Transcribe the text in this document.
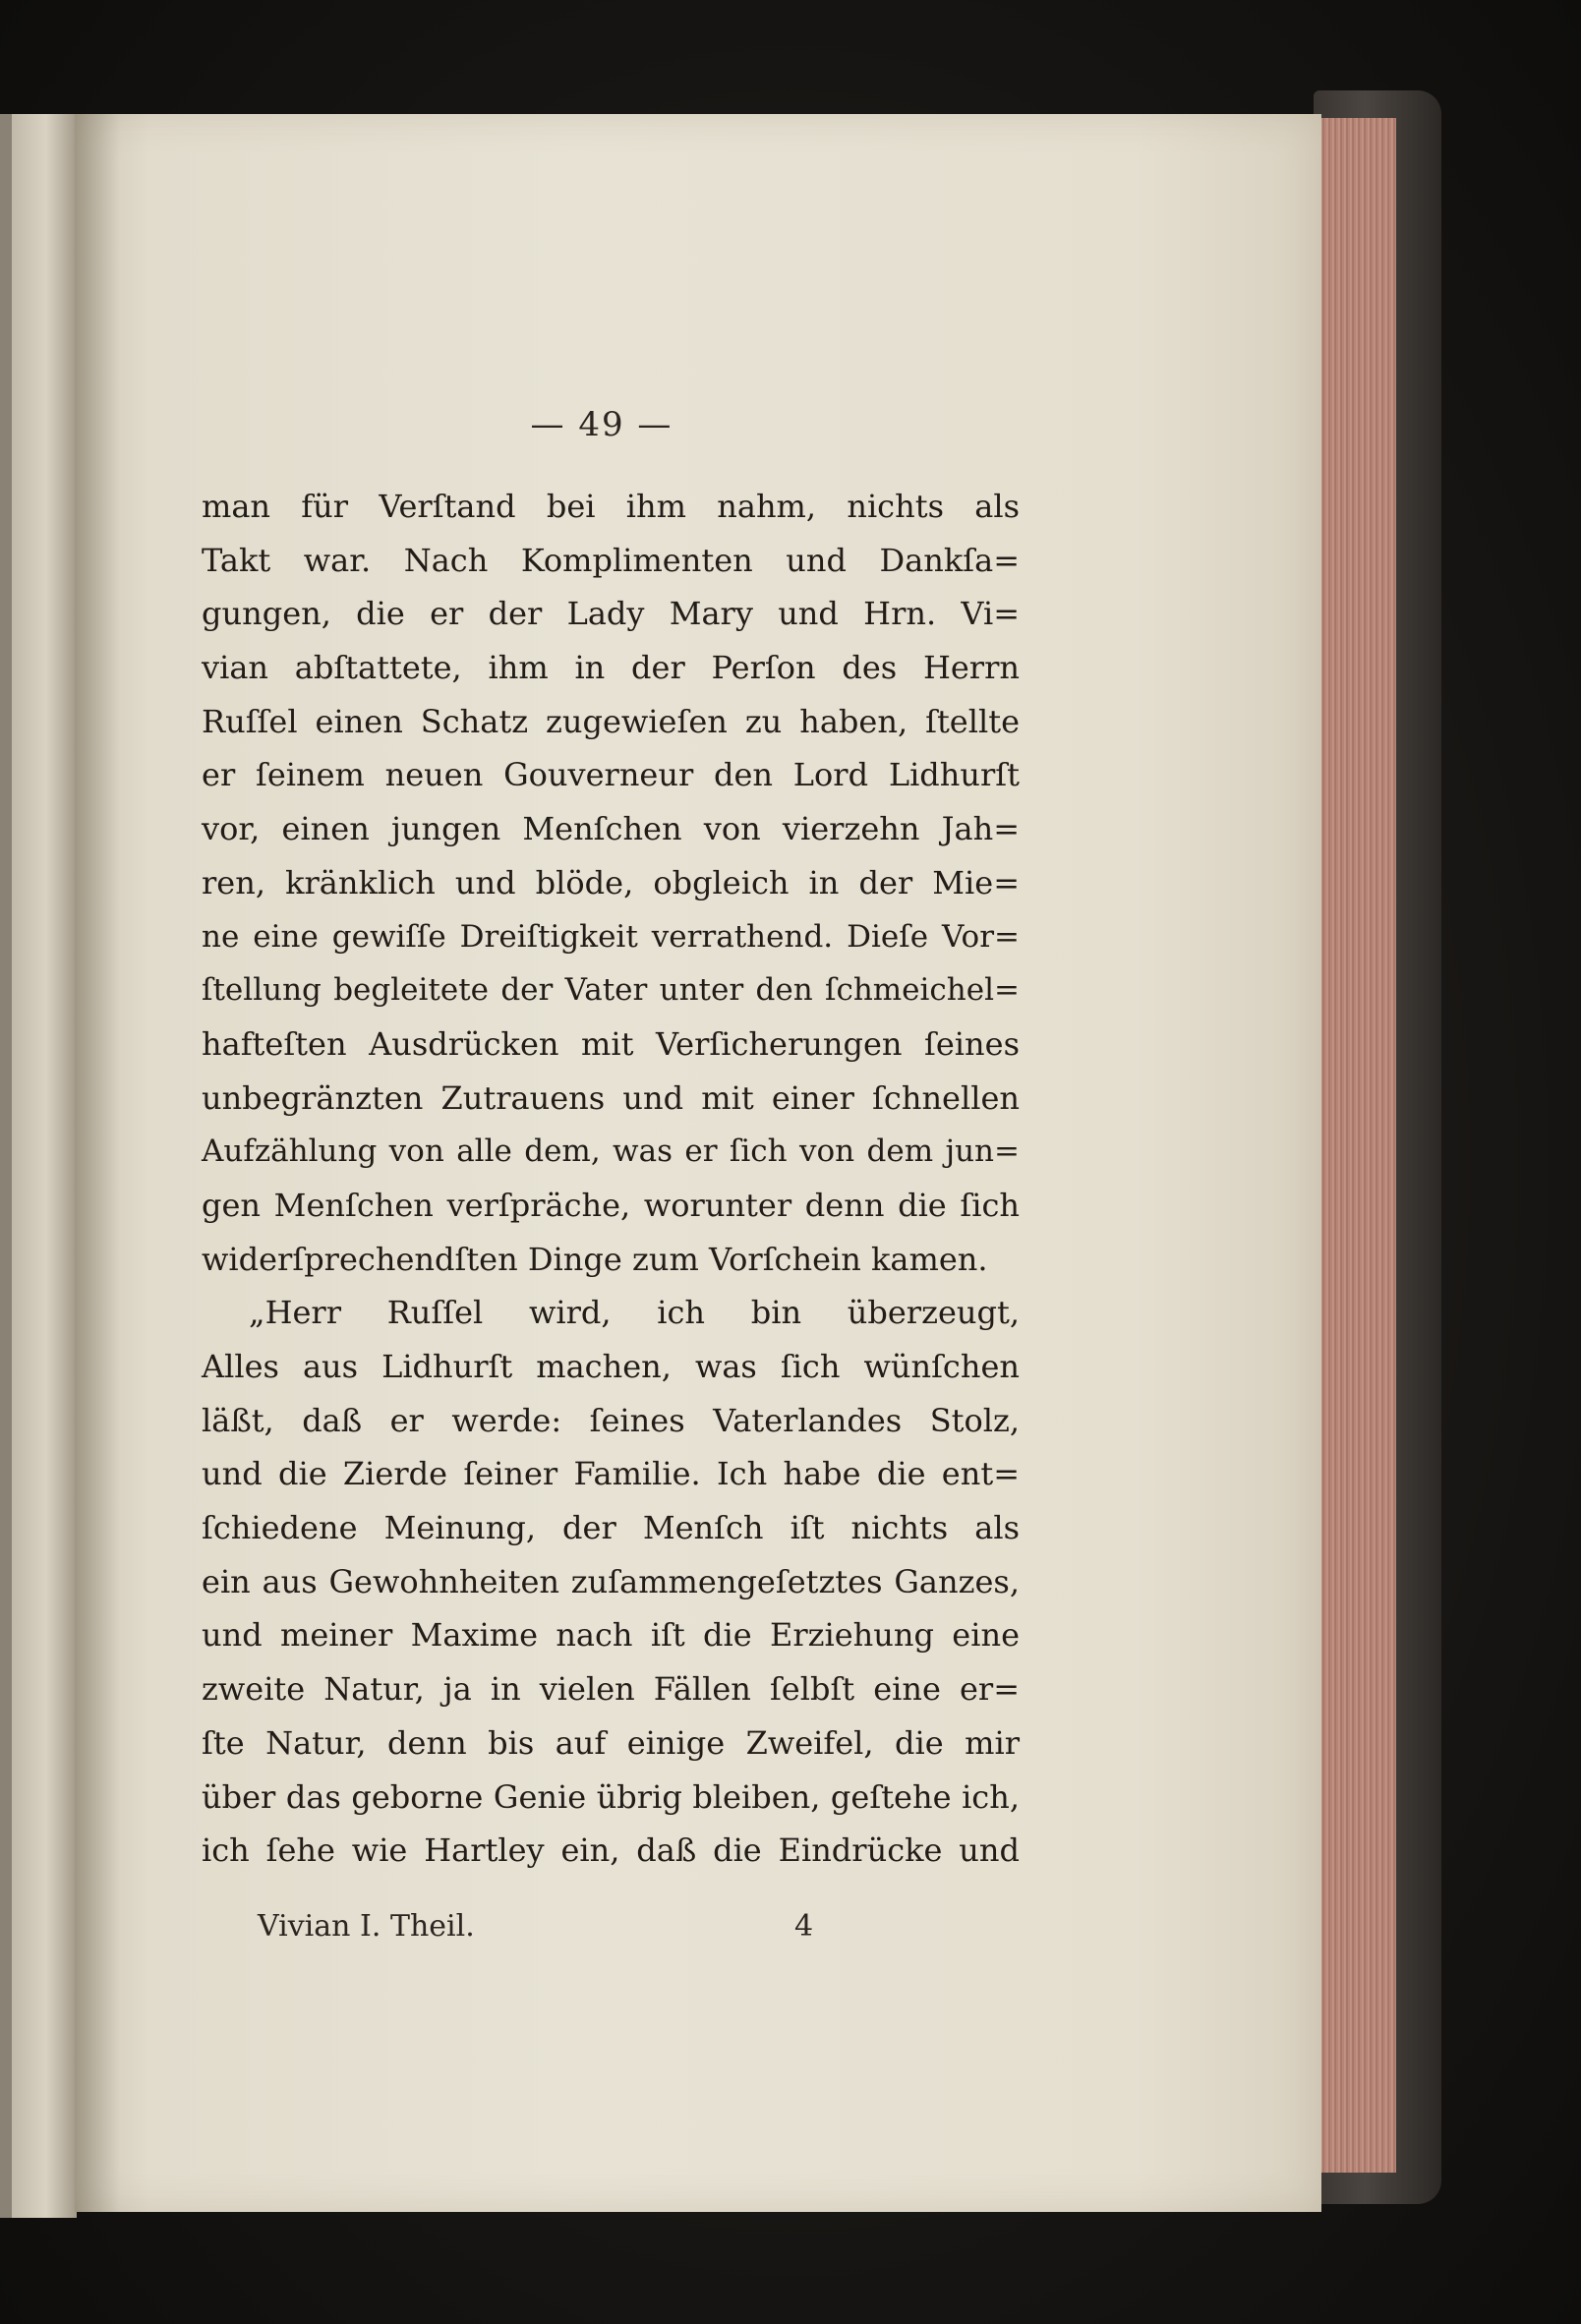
— 49 —
man für Verſtand bei ihm nahm, nichts als
Takt war. Nach Komplimenten und Dankſa=
gungen, die er der Lady Mary und Hrn. Vi=
vian abſtattete, ihm in der Perſon des Herrn
Ruſſel einen Schatz zugewieſen zu haben, ſtellte
er ſeinem neuen Gouverneur den Lord Lidhurſt
vor, einen jungen Menſchen von vierzehn Jah=
ren, kränklich und blöde, obgleich in der Mie=
ne eine gewiſſe Dreiſtigkeit verrathend. Dieſe Vor=
ſtellung begleitete der Vater unter den ſchmeichel=
hafteſten Ausdrücken mit Verſicherungen ſeines
unbegränzten Zutrauens und mit einer ſchnellen
Aufzählung von alle dem, was er ſich von dem jun=
gen Menſchen verſpräche, worunter denn die ſich
widerſprechendſten Dinge zum Vorſchein kamen.
„Herr Ruſſel wird, ich bin überzeugt,
Alles aus Lidhurſt machen, was ſich wünſchen
läßt, daß er werde: ſeines Vaterlandes Stolz,
und die Zierde ſeiner Familie. Ich habe die ent=
ſchiedene Meinung, der Menſch iſt nichts als
ein aus Gewohnheiten zuſammengeſetztes Ganzes,
und meiner Maxime nach iſt die Erziehung eine
zweite Natur, ja in vielen Fällen ſelbſt eine er=
ſte Natur, denn bis auf einige Zweifel, die mir
über das geborne Genie übrig bleiben, geſtehe ich,
ich ſehe wie Hartley ein, daß die Eindrücke und
Vivian I. Theil.	4
